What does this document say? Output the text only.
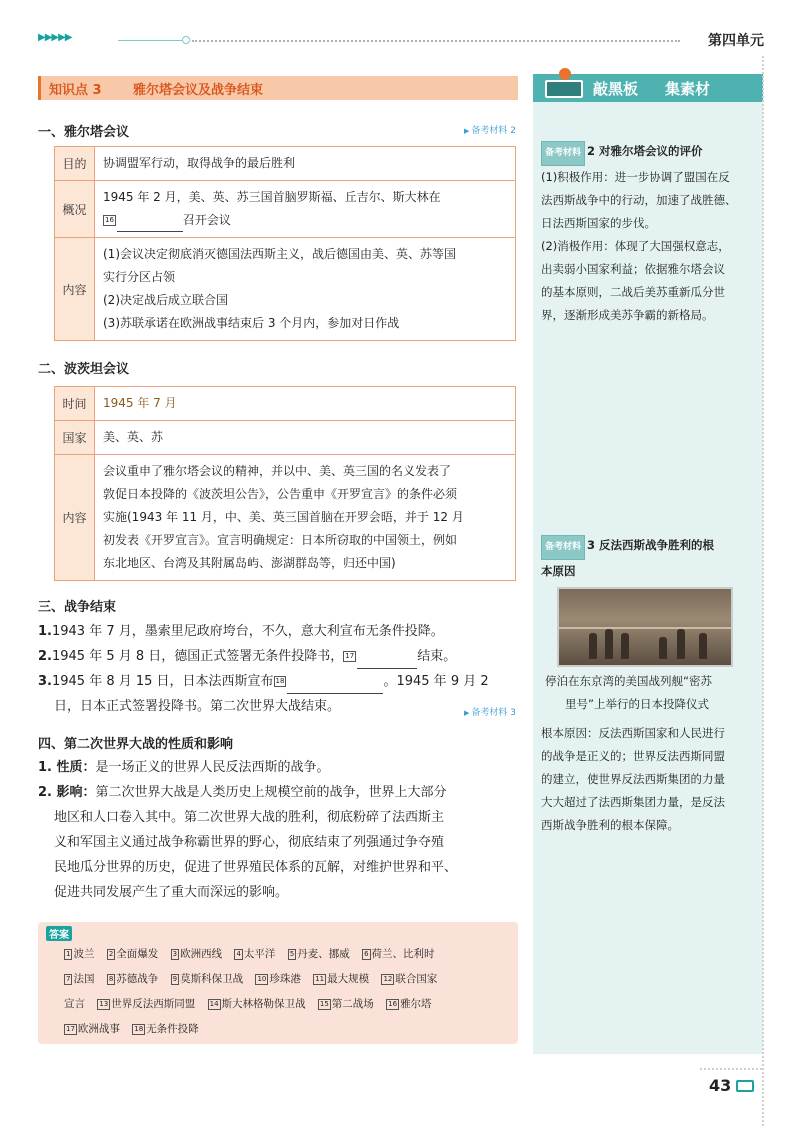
▶▶▶▶▶	第四单元
知识点 3 雅尔塔会议及战争结束
一、雅尔塔会议	▶ 备考材料 2
目的	协调盟军行动，取得战争的最后胜利
概况	1945 年 2 月，美、英、苏三国首脑罗斯福、丘吉尔、斯大林在
16 召开会议

内容	(1)会议决定彻底消灭德国法西斯主义，战后德国由美、英、苏等国
实行分区占领
(2)决定战后成立联合国
(3)苏联承诺在欧洲战事结束后 3 个月内，参加对日作战
二、波茨坦会议
时间	1945 年 7 月
国家	美、英、苏
内容	会议重申了雅尔塔会议的精神，并以中、美、英三国的名义发表了
敦促日本投降的《波茨坦公告》，公告重申《开罗宣言》的条件必须
实施(1943 年 11 月，中、美、英三国首脑在开罗会晤，并于 12 月
初发表《开罗宣言》。宣言明确规定：日本所窃取的中国领土，例如
东北地区、台湾及其附属岛屿、澎湖群岛等，归还中国)
三、战争结束
1.1943 年 7 月，墨索里尼政府垮台，不久，意大利宣布无条件投降。
2.1945 年 5 月 8 日，德国正式签署无条件投降书， 17	结束。
3.1945 年 8 月 15 日，日本法西斯宣布 18	。1945 年 9 月 2
日，日本正式签署投降书。第二次世界大战结束。	▶ 备考材料 3
四、第二次世界大战的性质和影响
1. 性质：是一场正义的世界人民反法西斯的战争。
2. 影响：第二次世界大战是人类历史上规模空前的战争，世界上大部分
地区和人口卷入其中。第二次世界大战的胜利，彻底粉碎了法西斯主
义和军国主义通过战争称霸世界的野心，彻底结束了列强通过争夺殖
民地瓜分世界的历史，促进了世界殖民体系的瓦解，对维护世界和平、
促进共同发展产生了重大而深远的影响。
答案
1 波兰 2 全面爆发 3 欧洲西线 4 太平洋 5 丹麦、挪威 6 荷兰、比利时
7 法国 8 苏德战争 9 莫斯科保卫战 10 珍珠港 11 最大规模 12 联合国家
宣言 13 世界反法西斯同盟 14 斯大林格勒保卫战 15 第二战场 16 雅尔塔
17 欧洲战事 18 无条件投降
敲黑板 集素材
备考材料 2 对雅尔塔会议的评价
(1)积极作用：进一步协调了盟国在反
法西斯战争中的行动，加速了战胜德、
日法西斯国家的步伐。
(2)消极作用：体现了大国强权意志，
出卖弱小国家利益；依据雅尔塔会议
的基本原则，二战后美苏重新瓜分世
界，逐渐形成美苏争霸的新格局。
备考材料 3 反法西斯战争胜利的根
本原因
停泊在东京湾的美国战列舰“密苏
里号”上举行的日本投降仪式
根本原因：反法西斯国家和人民进行
的战争是正义的；世界反法西斯同盟
的建立，使世界反法西斯集团的力量
大大超过了法西斯集团力量，是反法
西斯战争胜利的根本保障。
43
